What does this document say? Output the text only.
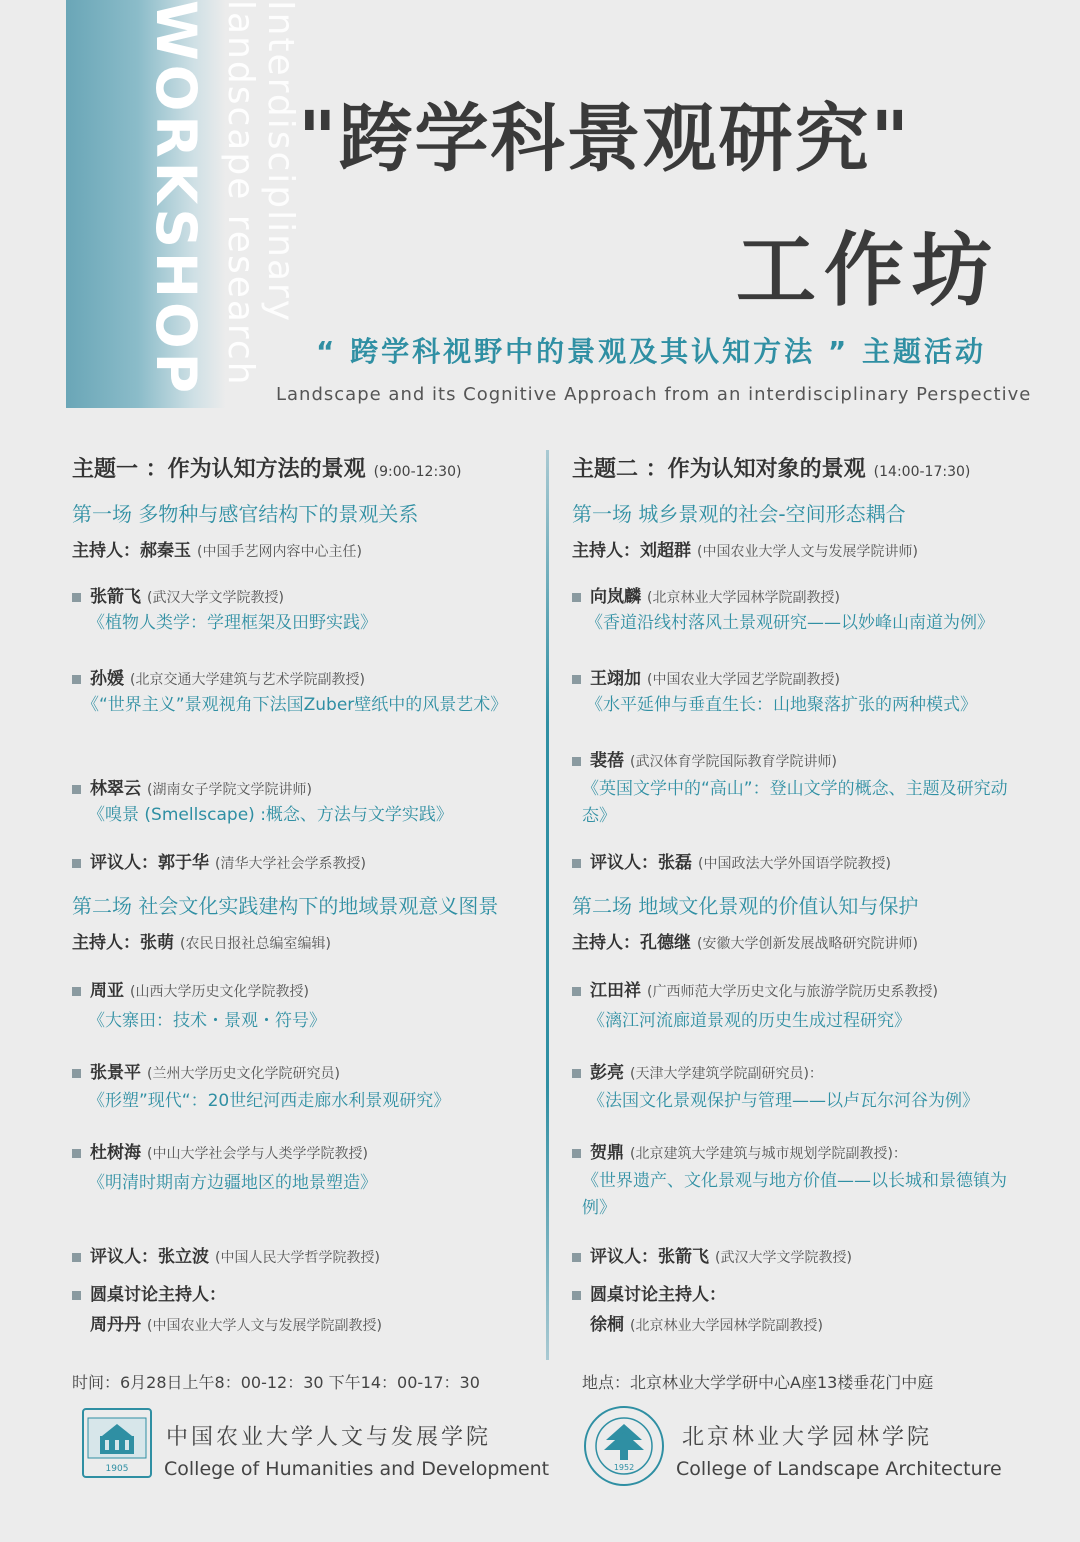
WORKSHOP landscape research Interdisciplinary
"跨学科景观研究"
工作坊
“ 跨学科视野中的景观及其认知方法 ” 主题活动
Landscape and its Cognitive Approach from an interdisciplinary Perspective
主题一 ：作为认知方法的景观 (9:00-12:30)
第一场 多物种与感官结构下的景观关系
主持人：郝秦玉 (中国手艺网内容中心主任)
张箭飞 (武汉大学文学院教授)
《植物人类学：学理框架及田野实践》
孙媛 (北京交通大学建筑与艺术学院副教授)
《“世界主义”景观视角下法国Zuber壁纸中的风景艺术》
林翠云 (湖南女子学院文学院讲师)
《嗅景 (Smellscape) :概念、方法与文学实践》
评议人：郭于华 (清华大学社会学系教授)
第二场 社会文化实践建构下的地域景观意义图景
主持人：张萌 (农民日报社总编室编辑)
周亚 (山西大学历史文化学院教授)
《大寨田：技术・景观・符号》
张景平 (兰州大学历史文化学院研究员)
《形塑”现代“：20世纪河西走廊水利景观研究》
杜树海 (中山大学社会学与人类学学院教授)
《明清时期南方边疆地区的地景塑造》
评议人：张立波 (中国人民大学哲学院教授)
圆桌讨论主持人：
周丹丹 (中国农业大学人文与发展学院副教授)
主题二 ：作为认知对象的景观 (14:00-17:30)
第一场 城乡景观的社会-空间形态耦合
主持人：刘超群 (中国农业大学人文与发展学院讲师)
向岚麟 (北京林业大学园林学院副教授)
《香道沿线村落风土景观研究——以妙峰山南道为例》
王翊加 (中国农业大学园艺学院副教授)
《水平延伸与垂直生长：山地聚落扩张的两种模式》
裴蓓 (武汉体育学院国际教育学院讲师)
《英国文学中的“高山”：登山文学的概念、主题及研究动态》
评议人：张磊 (中国政法大学外国语学院教授)
第二场 地域文化景观的价值认知与保护
主持人：孔德继 (安徽大学创新发展战略研究院讲师)
江田祥 (广西师范大学历史文化与旅游学院历史系教授)
《漓江河流廊道景观的历史生成过程研究》
彭亮 (天津大学建筑学院副研究员)：
《法国文化景观保护与管理——以卢瓦尔河谷为例》
贺鼎 (北京建筑大学建筑与城市规划学院副教授)：
《世界遗产、文化景观与地方价值——以长城和景德镇为例》
评议人：张箭飞 (武汉大学文学院教授)
圆桌讨论主持人：
徐桐 (北京林业大学园林学院副教授)
时间：6月28日上午8：00-12：30 下午14：00-17：30	地点：北京林业大学学研中心A座13楼垂花门中庭
1905
中国农业大学人文与发展学院
College of Humanities and Development	1952
北京林业大学园林学院
College of Landscape Architecture
